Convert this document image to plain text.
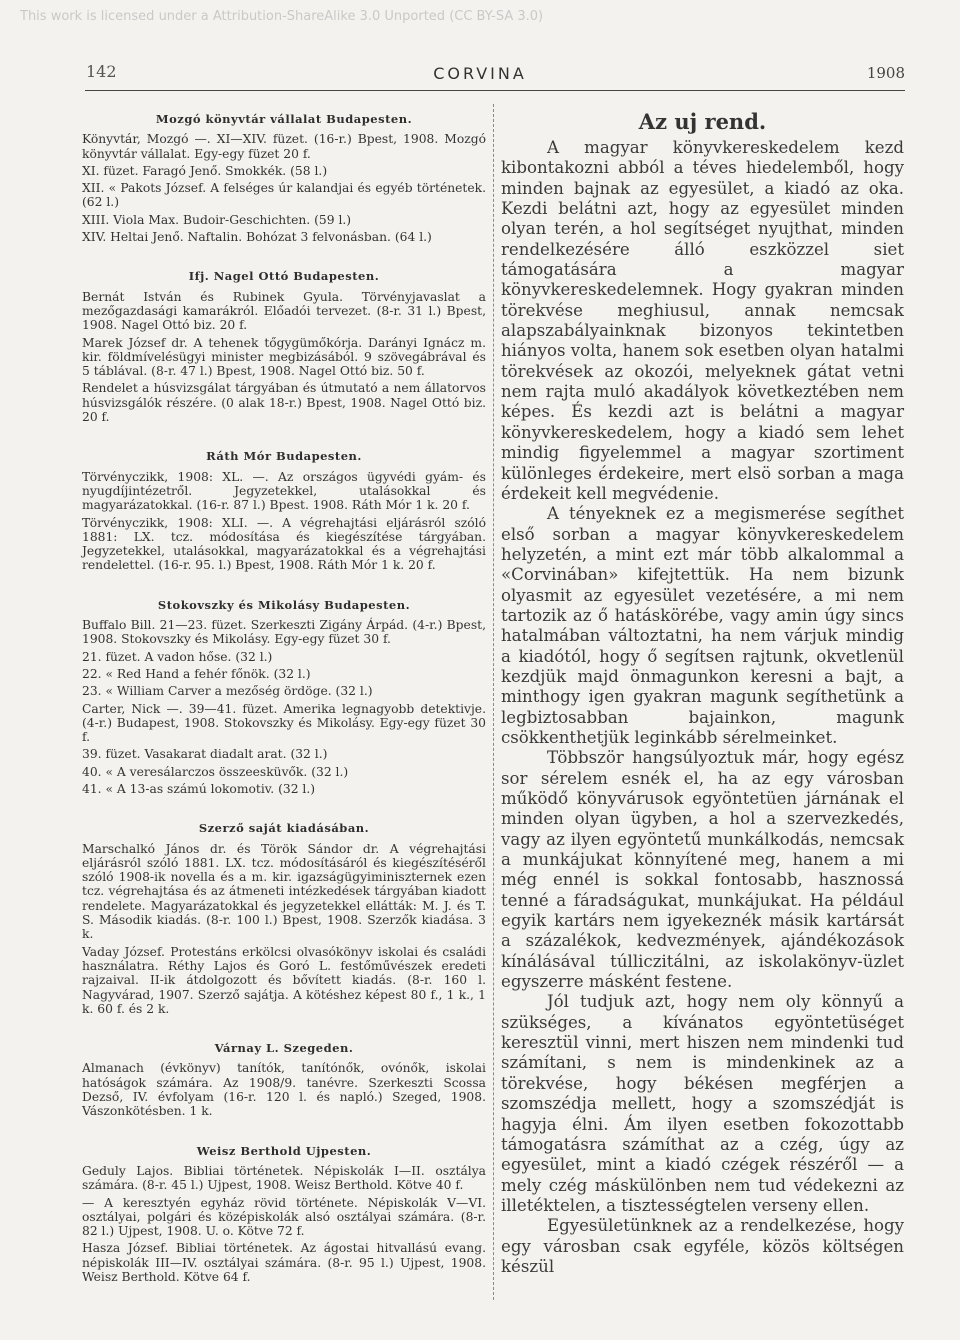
This work is licensed under a Attribution-ShareAlike 3.0 Unported (CC BY-SA 3.0)
142	CORVINA	1908
Mozgó könyvtár vállalat Budapesten.

Könyvtár, Mozgó —. XI—XIV. füzet. (16-r.) Bpest, 1908. Mozgó könyvtár vállalat. Egy-egy füzet 20 f.

XI. füzet. Faragó Jenő. Smokkék. (58 l.)

XII. « Pakots József. A felséges úr kalandjai és egyéb történetek. (62 l.)

XIII. Viola Max. Budoir-Geschichten. (59 l.)

XIV. Heltai Jenő. Naftalin. Bohózat 3 felvonásban. (64 l.)

Ifj. Nagel Ottó Budapesten.

Bernát István és Rubinek Gyula. Törvényjavaslat a mezőgazdasági kamarákról. Előadói tervezet. (8-r. 31 l.) Bpest, 1908. Nagel Ottó biz. 20 f.

Marek József dr. A tehenek tőgygümőkórja. Darányi Ignácz m. kir. földmívelésügyi minister megbizásából. 9 szövegábrával és 5 táblával. (8-r. 47 l.) Bpest, 1908. Nagel Ottó biz. 50 f.

Rendelet a húsvizsgálat tárgyában és útmutató a nem állatorvos húsvizsgálók részére. (0 alak 18-r.) Bpest, 1908. Nagel Ottó biz. 20 f.

Ráth Mór Budapesten.

Törvényczikk, 1908: XL. —. Az országos ügyvédi gyám- és nyugdíjintézetről. Jegyzetekkel, utalásokkal és magyarázatokkal. (16-r. 87 l.) Bpest. 1908. Ráth Mór 1 k. 20 f.

Törvényczikk, 1908: XLI. —. A végrehajtási eljárásról szóló 1881: LX. tcz. módosítása és kiegészítése tárgyában. Jegyzetekkel, utalásokkal, magyarázatokkal és a végrehajtási rendelettel. (16-r. 95. l.) Bpest, 1908. Ráth Mór 1 k. 20 f.

Stokovszky és Mikolásy Budapesten.

Buffalo Bill. 21—23. füzet. Szerkeszti Zigány Árpád. (4-r.) Bpest, 1908. Stokovszky és Mikolásy. Egy-egy füzet 30 f.

21. füzet. A vadon hőse. (32 l.)

22. « Red Hand a fehér főnök. (32 l.)

23. « William Carver a mezőség ördöge. (32 l.)

Carter, Nick —. 39—41. füzet. Amerika legnagyobb detektivje. (4-r.) Budapest, 1908. Stokovszky és Mikolásy. Egy-egy füzet 30 f.

39. füzet. Vasakarat diadalt arat. (32 l.)

40. « A veresálarczos összeesküvők. (32 l.)

41. « A 13-as számú lokomotiv. (32 l.)

Szerző saját kiadásában.

Marschalkó János dr. és Török Sándor dr. A végrehajtási eljárásról szóló 1881. LX. tcz. módosításáról és kiegészítéséről szóló 1908-ik novella és a m. kir. igazságügyiminiszternek ezen tcz. végrehajtása és az átmeneti intézkedések tárgyában kiadott rendelete. Magyarázatokkal és jegyzetekkel ellátták: M. J. és T. S. Második kiadás. (8-r. 100 l.) Bpest, 1908. Szerzők kiadása. 3 k.

Vaday József. Protestáns erkölcsi olvasókönyv iskolai és családi használatra. Réthy Lajos és Goró L. festőművészek eredeti rajzaival. II-ik átdolgozott és bővített kiadás. (8-r. 160 l. Nagyvárad, 1907. Szerző sajátja. A kötéshez képest 80 f., 1 k., 1 k. 60 f. és 2 k.

Várnay L. Szegeden.

Almanach (évkönyv) tanítók, tanítónők, ovónők, iskolai hatóságok számára. Az 1908/9. tanévre. Szerkeszti Scossa Dezső, IV. évfolyam (16-r. 120 l. és napló.) Szeged, 1908. Vászonkötésben. 1 k.

Weisz Berthold Ujpesten.

Geduly Lajos. Bibliai történetek. Népiskolák I—II. osztálya számára. (8-r. 45 l.) Ujpest, 1908. Weisz Berthold. Kötve 40 f.

— A keresztyén egyház rövid története. Népiskolák V—VI. osztályai, polgári és középiskolák alsó osztályai számára. (8-r. 82 l.) Ujpest, 1908. U. o. Kötve 72 f.

Hasza József. Bibliai történetek. Az ágostai hitvallású evang. népiskolák III—IV. osztályai számára. (8-r. 95 l.) Ujpest, 1908. Weisz Berthold. Kötve 64 f.

Az uj rend.

A magyar könyvkereskedelem kezd kibontakozni abból a téves hiedelemből, hogy minden bajnak az egyesület, a kiadó az oka. Kezdi belátni azt, hogy az egyesület minden olyan terén, a hol segítséget nyujthat, minden rendelkezésére álló eszközzel siet támogatására a magyar könyvkereskedelemnek. Hogy gyakran minden törekvése meghiusul, annak nemcsak alapszabályainknak bizonyos tekintetben hiányos volta, hanem sok esetben olyan hatalmi törekvések az okozói, melyeknek gátat vetni nem rajta muló akadályok következtében nem képes. És kezdi azt is belátni a magyar könyvkereskedelem, hogy a kiadó sem lehet mindig figyelemmel a magyar szortiment különleges érdekeire, mert elsö sorban a maga érdekeit kell megvédenie.

A tényeknek ez a megismerése segíthet első sorban a magyar könyvkereskedelem helyzetén, a mint ezt már több alkalommal a «Corvinában» kifejtettük. Ha nem bizunk olyasmit az egyesület vezetésére, a mi nem tartozik az ő hatáskörébe, vagy amin úgy sincs hatalmában változtatni, ha nem várjuk mindig a kiadótól, hogy ő segítsen rajtunk, okvetlenül kezdjük majd önmagunkon keresni a bajt, a minthogy igen gyakran magunk segíthetünk a legbiztosabban bajainkon, magunk csökkenthetjük leginkább sérelmeinket.

Többször hangsúlyoztuk már, hogy egész sor sérelem esnék el, ha az egy városban működő könyvárusok egyöntetüen járnának el minden olyan ügyben, a hol a szervezkedés, vagy az ilyen egyöntetű munkálkodás, nemcsak a munkájukat könnyítené meg, hanem a mi még ennél is sokkal fontosabb, hasznossá tenné a fáradságukat, munkájukat. Ha például egyik kartárs nem igyekeznék másik kartársát a százalékok, kedvezmények, ajándékozások kínálásával túlliczitálni, az iskolakönyv-üzlet egyszerre másként festene.

Jól tudjuk azt, hogy nem oly könnyű a szükséges, a kívánatos egyöntetüséget keresztül vinni, mert hiszen nem mindenki tud számítani, s nem is mindenkinek az a törekvése, hogy békésen megférjen a szomszédja mellett, hogy a szomszédját is hagyja élni. Ám ilyen esetben fokozottabb támogatásra számíthat az a czég, úgy az egyesület, mint a kiadó czégek részéről — a mely czég máskülönben nem tud védekezni az illetéktelen, a tisztességtelen verseny ellen.

Egyesületünknek az a rendelkezése, hogy egy városban csak egyféle, közös költségen készül
